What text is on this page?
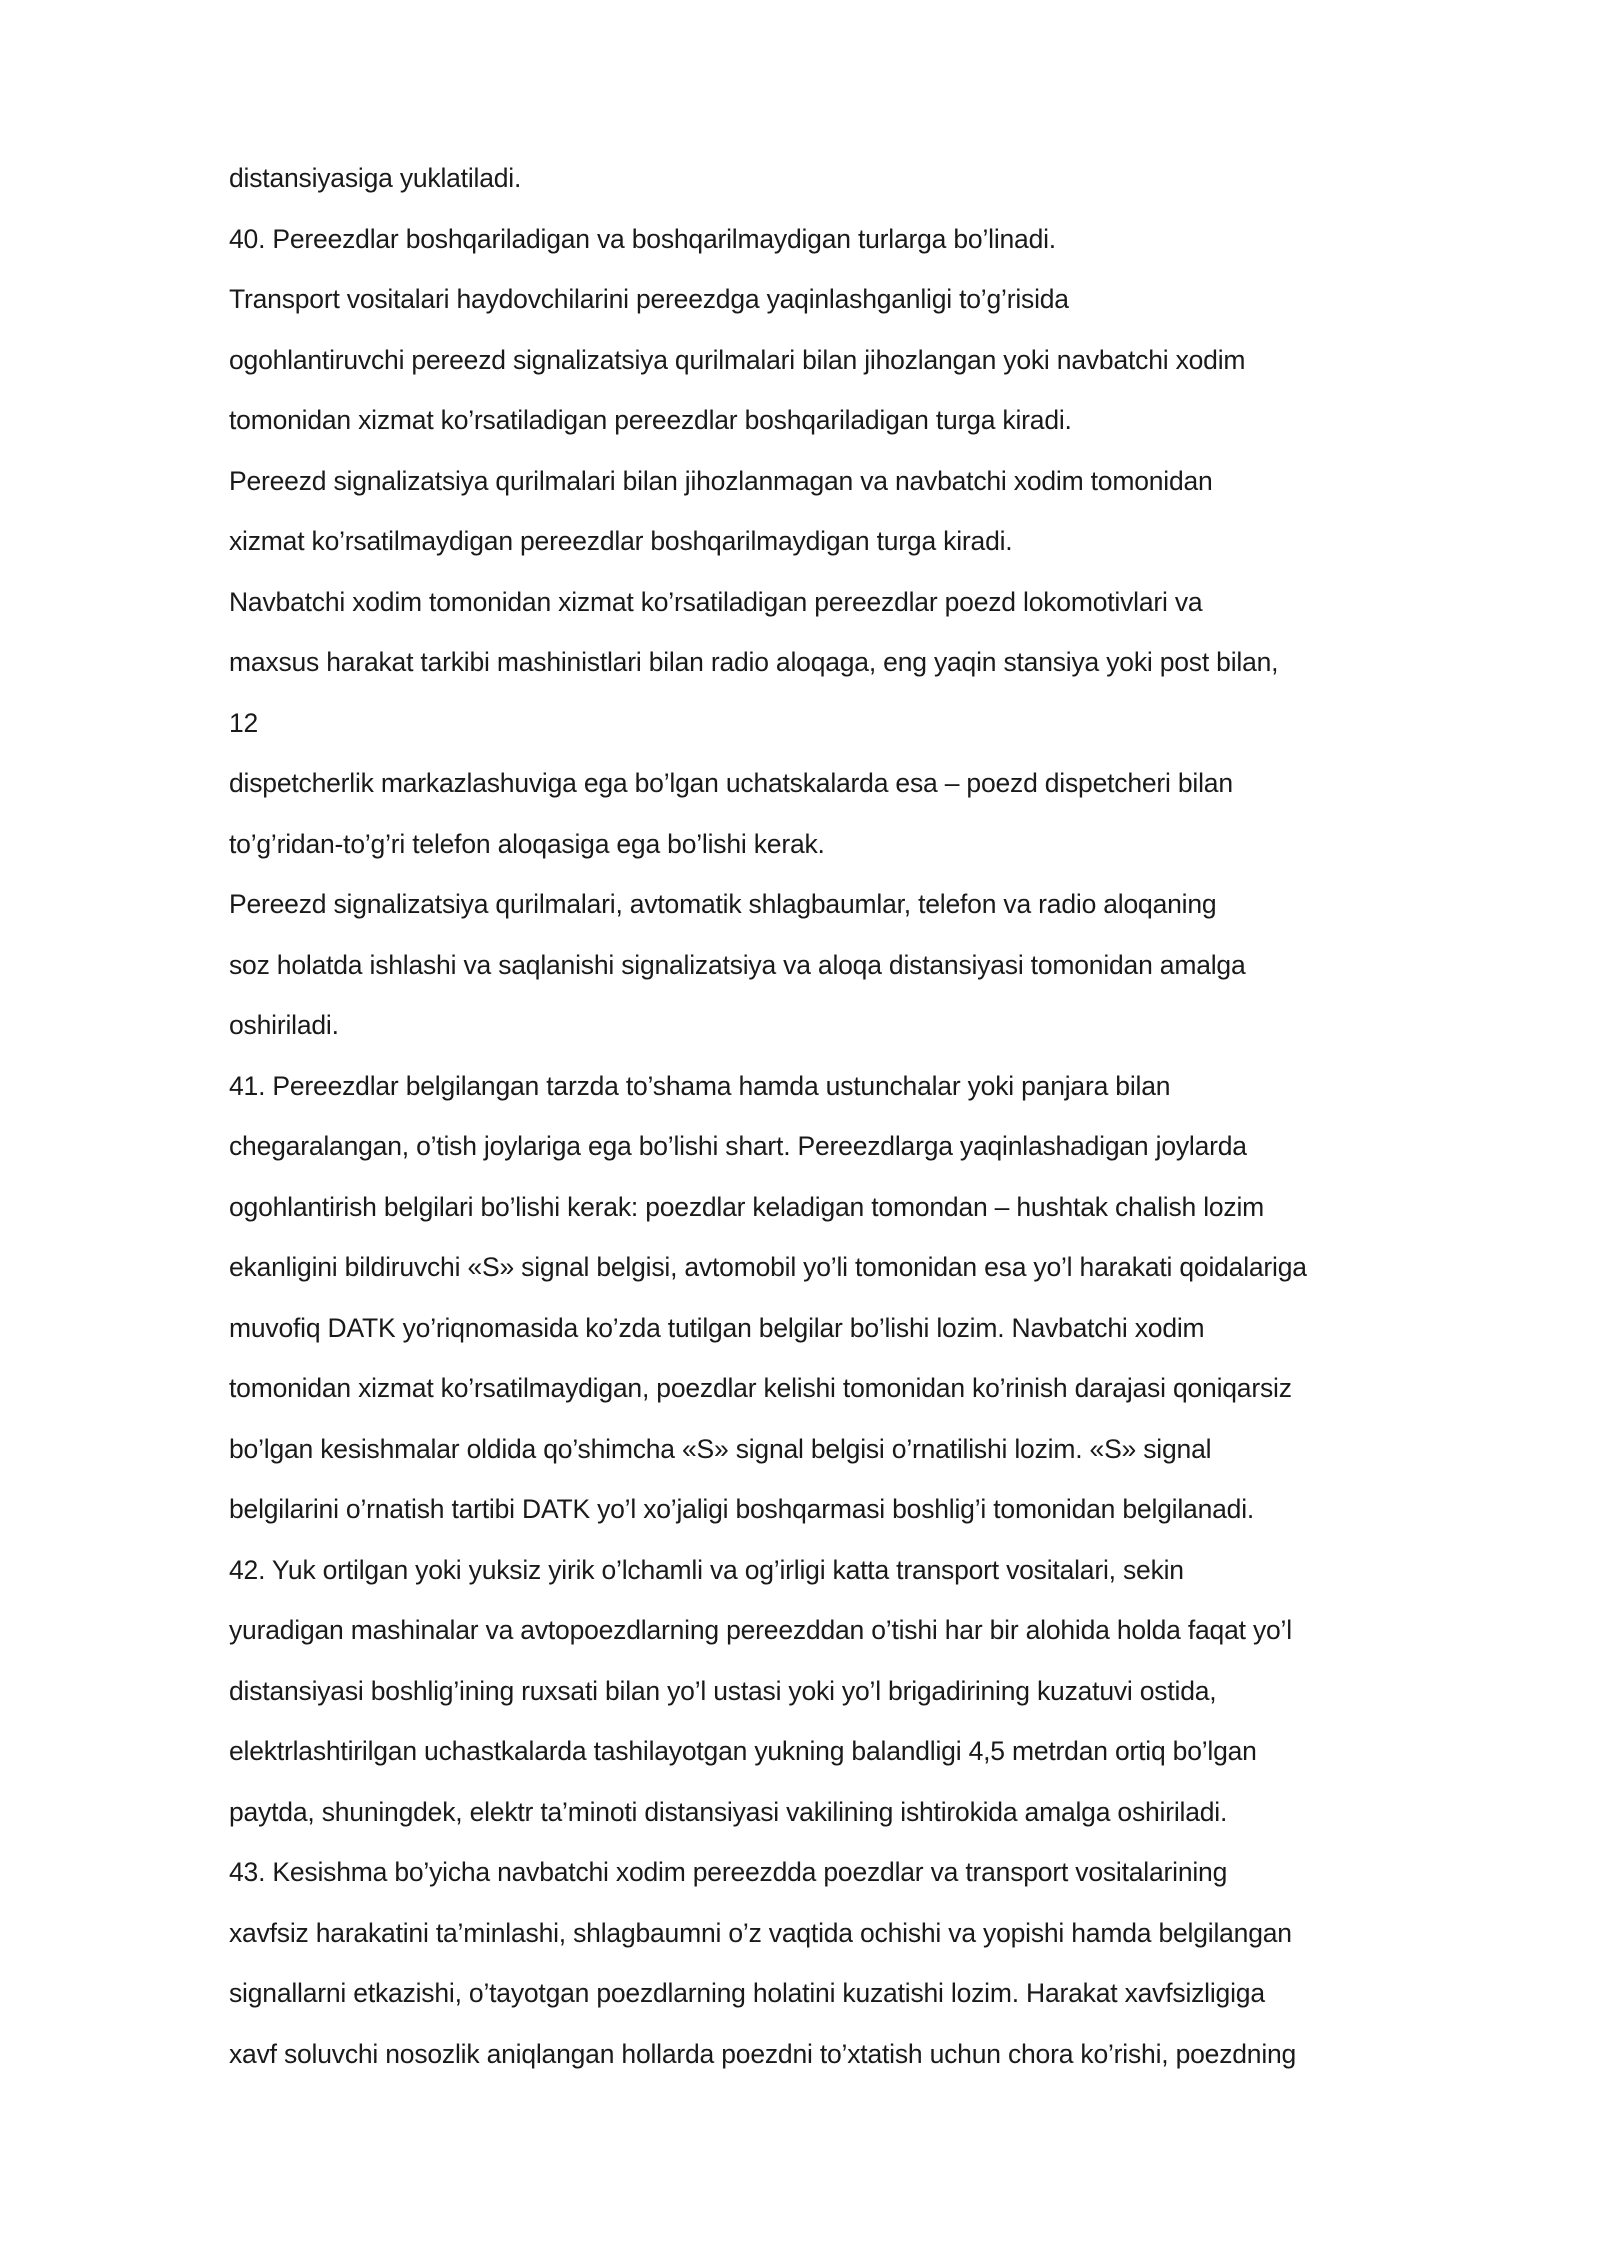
distansiyasiga yuklatiladi.
40. Pereezdlar boshqariladigan va boshqarilmaydigan turlarga bo’linadi.
Transport vositalari haydovchilarini pereezdga yaqinlashganligi to’g’risida
ogohlantiruvchi pereezd signalizatsiya qurilmalari bilan jihozlangan yoki navbatchi xodim
tomonidan xizmat ko’rsatiladigan pereezdlar boshqariladigan turga kiradi.
Pereezd signalizatsiya qurilmalari bilan jihozlanmagan va navbatchi xodim tomonidan
xizmat ko’rsatilmaydigan pereezdlar boshqarilmaydigan turga kiradi.
Navbatchi xodim tomonidan xizmat ko’rsatiladigan pereezdlar poezd lokomotivlari va
maxsus harakat tarkibi mashinistlari bilan radio aloqaga, eng yaqin stansiya yoki post bilan,
12
dispetcherlik markazlashuviga ega bo’lgan uchatskalarda esa – poezd dispetcheri bilan
to’g’ridan-to’g’ri telefon aloqasiga ega bo’lishi kerak.
Pereezd signalizatsiya qurilmalari, avtomatik shlagbaumlar, telefon va radio aloqaning
soz holatda ishlashi va saqlanishi signalizatsiya va aloqa distansiyasi tomonidan amalga
oshiriladi.
41. Pereezdlar belgilangan tarzda to’shama hamda ustunchalar yoki panjara bilan
chegaralangan, o’tish joylariga ega bo’lishi shart. Pereezdlarga yaqinlashadigan joylarda
ogohlantirish belgilari bo’lishi kerak: poezdlar keladigan tomondan – hushtak chalish lozim
ekanligini bildiruvchi «S» signal belgisi, avtomobil yo’li tomonidan esa yo’l harakati qoidalariga
muvofiq DATK yo’riqnomasida ko’zda tutilgan belgilar bo’lishi lozim. Navbatchi xodim
tomonidan xizmat ko’rsatilmaydigan, poezdlar kelishi tomonidan ko’rinish darajasi qoniqarsiz
bo’lgan kesishmalar oldida qo’shimcha «S» signal belgisi o’rnatilishi lozim. «S» signal
belgilarini o’rnatish tartibi DATK yo’l xo’jaligi boshqarmasi boshlig’i tomonidan belgilanadi.
42. Yuk ortilgan yoki yuksiz yirik o’lchamli va og’irligi katta transport vositalari, sekin
yuradigan mashinalar va avtopoezdlarning pereezddan o’tishi har bir alohida holda faqat yo’l
distansiyasi boshlig’ining ruxsati bilan yo’l ustasi yoki yo’l brigadirining kuzatuvi ostida,
elektrlashtirilgan uchastkalarda tashilayotgan yukning balandligi 4,5 metrdan ortiq bo’lgan
paytda, shuningdek, elektr ta’minoti distansiyasi vakilining ishtirokida amalga oshiriladi.
43. Kesishma bo’yicha navbatchi xodim pereezdda poezdlar va transport vositalarining
xavfsiz harakatini ta’minlashi, shlagbaumni o’z vaqtida ochishi va yopishi hamda belgilangan
signallarni etkazishi, o’tayotgan poezdlarning holatini kuzatishi lozim. Harakat xavfsizligiga
xavf soluvchi nosozlik aniqlangan hollarda poezdni to’xtatish uchun chora ko’rishi, poezdning
